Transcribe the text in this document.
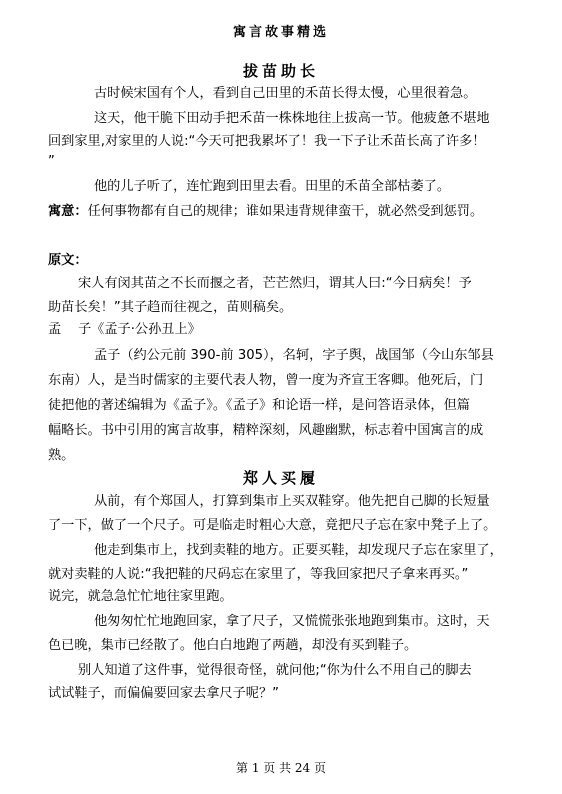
寓言故事精选
拔苗助长
古时候宋国有个人，看到自己田里的禾苗长得太慢，心里很着急。
这天，他干脆下田动手把禾苗一株株地往上拔高一节。他疲惫不堪地
回到家里,对家里的人说:“今天可把我累坏了！我一下子让禾苗长高了许多！
”
他的儿子听了，连忙跑到田里去看。田里的禾苗全部枯萎了。
寓意：任何事物都有自己的规律；谁如果违背规律蛮干，就必然受到惩罚。
原文：
宋人有闵其苗之不长而揠之者，芒芒然归，谓其人曰:“今日病矣！予
助苗长矣！”其子趋而往视之，苗则稿矣。
孟    子《孟子·公孙丑上》
孟子（约公元前 390-前 305），名轲，字子舆，战国邹（今山东邹县
东南）人，是当时儒家的主要代表人物，曾一度为齐宣王客卿。他死后，门
徒把他的著述编辑为《孟子》。《孟子》和论语一样，是问答语录体，但篇
幅略长。书中引用的寓言故事，精粹深刻，风趣幽默，标志着中国寓言的成
熟。
郑人买履
从前，有个郑国人，打算到集市上买双鞋穿。他先把自己脚的长短量
了一下，做了一个尺子。可是临走时粗心大意，竟把尺子忘在家中凳子上了。
他走到集市上，找到卖鞋的地方。正要买鞋，却发现尺子忘在家里了，
就对卖鞋的人说:“我把鞋的尺码忘在家里了，等我回家把尺子拿来再买。”
说完，就急急忙忙地往家里跑。
他匆匆忙忙地跑回家，拿了尺子，又慌慌张张地跑到集市。这时，天
色已晚，集市已经散了。他白白地跑了两趟，却没有买到鞋子。
别人知道了这件事，觉得很奇怪，就问他;“你为什么不用自己的脚去
试试鞋子，而偏偏要回家去拿尺子呢？”
第 1 页 共 24 页
